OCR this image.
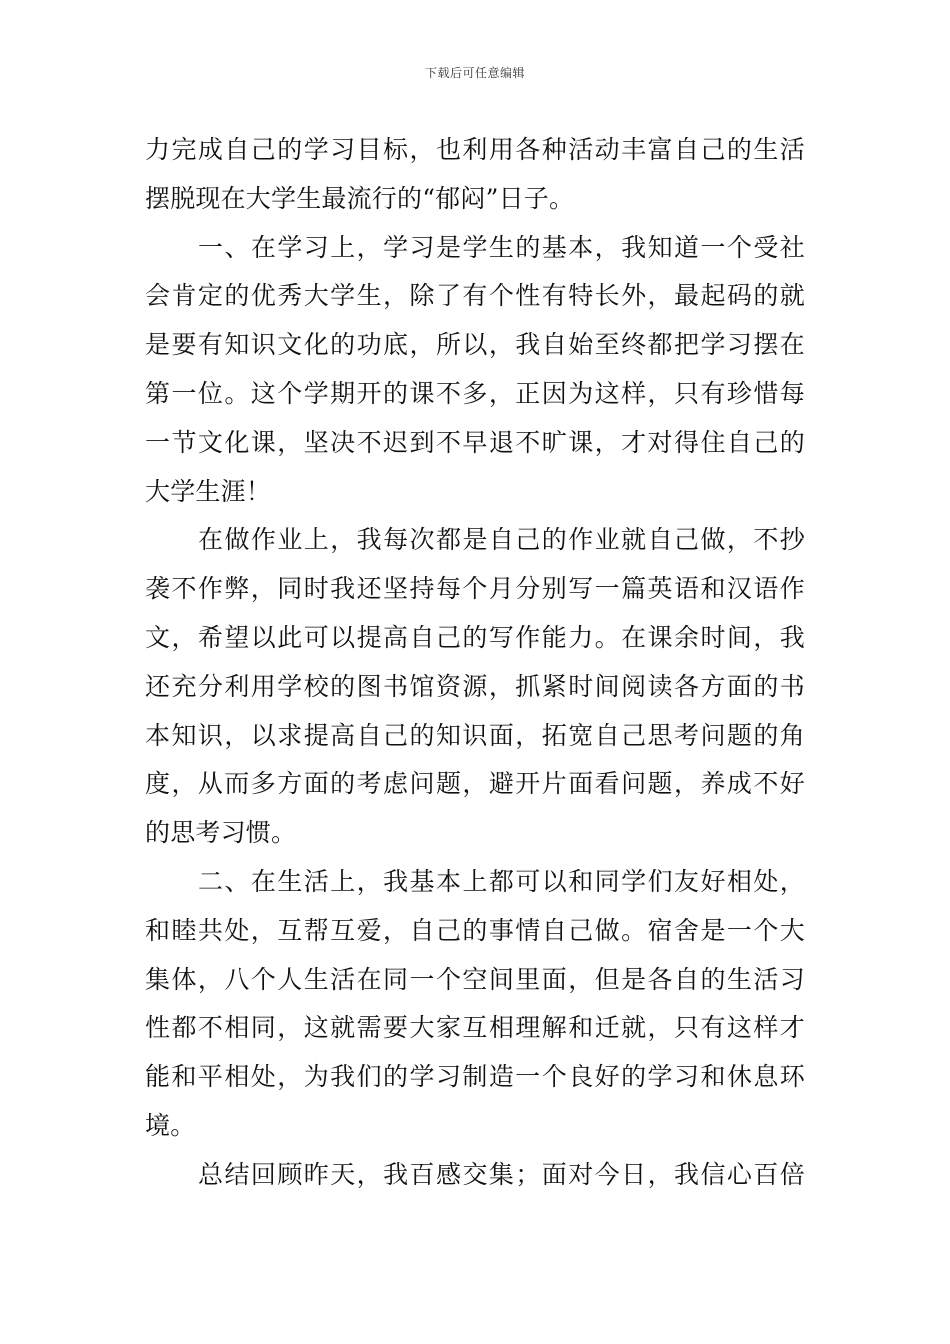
下载后可任意编辑
力完成自己的学习目标，也利用各种活动丰富自己的生活
摆脱现在大学生最流行的“郁闷”日子。
一、在学习上，学习是学生的基本，我知道一个受社
会肯定的优秀大学生，除了有个性有特长外，最起码的就
是要有知识文化的功底，所以，我自始至终都把学习摆在
第一位。这个学期开的课不多，正因为这样，只有珍惜每
一节文化课，坚决不迟到不早退不旷课，才对得住自己的
大学生涯！
在做作业上，我每次都是自己的作业就自己做，不抄
袭不作弊，同时我还坚持每个月分别写一篇英语和汉语作
文，希望以此可以提高自己的写作能力。在课余时间，我
还充分利用学校的图书馆资源，抓紧时间阅读各方面的书
本知识，以求提高自己的知识面，拓宽自己思考问题的角
度，从而多方面的考虑问题，避开片面看问题，养成不好
的思考习惯。
二、在生活上，我基本上都可以和同学们友好相处，
和睦共处，互帮互爱，自己的事情自己做。宿舍是一个大
集体，八个人生活在同一个空间里面，但是各自的生活习
性都不相同，这就需要大家互相理解和迁就，只有这样才
能和平相处，为我们的学习制造一个良好的学习和休息环
境。
总结回顾昨天，我百感交集；面对今日，我信心百倍
